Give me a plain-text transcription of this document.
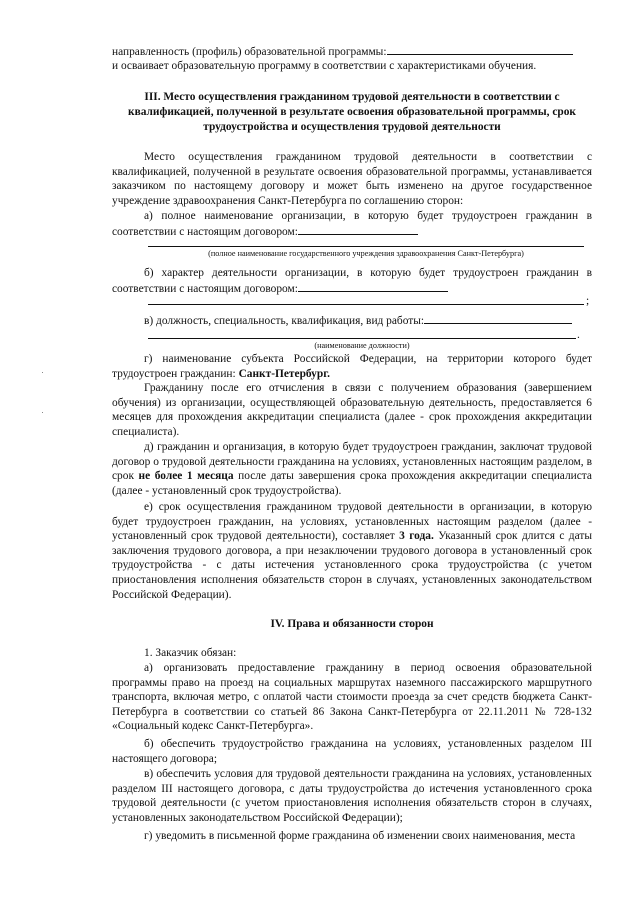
направленность (профиль) образовательной программы:

и осваивает образовательную программу в соответствии с характеристиками обучения.

III. Место осуществления гражданином трудовой деятельности в соответствии с квалификацией, полученной в результате освоения образовательной программы, срок трудоустройства и осуществления трудовой деятельности

Место осуществления гражданином трудовой деятельности в соответствии с квалификацией, полученной в результате освоения образовательной программы, устанавливается заказчиком по настоящему договору и может быть изменено на другое государственное учреждение здравоохранения Санкт-Петербурга по соглашению сторон:

а) полное наименование организации, в которую будет трудоустроен гражданин в соответствии с настоящим договором:

(полное наименование государственного учреждения здравоохранения Санкт-Петербурга)

б) характер деятельности организации, в которую будет трудоустроен гражданин в соответствии с настоящим договором:

;

в) должность, специальность, квалификация, вид работы:

.
(наименование должности)

г) наименование субъекта Российской Федерации, на территории которого будет трудоустроен гражданин: Санкт-Петербург.

Гражданину после его отчисления в связи с получением образования (завершением обучения) из организации, осуществляющей образовательную деятельность, предоставляется 6 месяцев для прохождения аккредитации специалиста (далее - срок прохождения аккредитации специалиста).

д) гражданин и организация, в которую будет трудоустроен гражданин, заключат трудовой договор о трудовой деятельности гражданина на условиях, установленных настоящим разделом, в срок не более 1 месяца после даты завершения срока прохождения аккредитации специалиста (далее - установленный срок трудоустройства).

е) срок осуществления гражданином трудовой деятельности в организации, в которую будет трудоустроен гражданин, на условиях, установленных настоящим разделом (далее - установленный срок трудовой деятельности), составляет 3 года. Указанный срок длится с даты заключения трудового договора, а при незаключении трудового договора в установленный срок трудоустройства - с даты истечения установленного срока трудоустройства (с учетом приостановления исполнения обязательств сторон в случаях, установленных законодательством Российской Федерации).

IV. Права и обязанности сторон

1. Заказчик обязан:

а) организовать предоставление гражданину в период освоения образовательной программы право на проезд на социальных маршрутах наземного пассажирского маршрутного транспорта, включая метро, с оплатой части стоимости проезда за счет средств бюджета Санкт-Петербурга в соответствии со статьей 86 Закона Санкт-Петербурга от 22.11.2011 № 728-132 «Социальный кодекс Санкт-Петербурга».

б) обеспечить трудоустройство гражданина на условиях, установленных разделом III настоящего договора;

в) обеспечить условия для трудовой деятельности гражданина на условиях, установленных разделом III настоящего договора, с даты трудоустройства до истечения установленного срока трудовой деятельности (с учетом приостановления исполнения обязательств сторон в случаях, установленных законодательством Российской Федерации);

г) уведомить в письменной форме гражданина об изменении своих наименования, места
